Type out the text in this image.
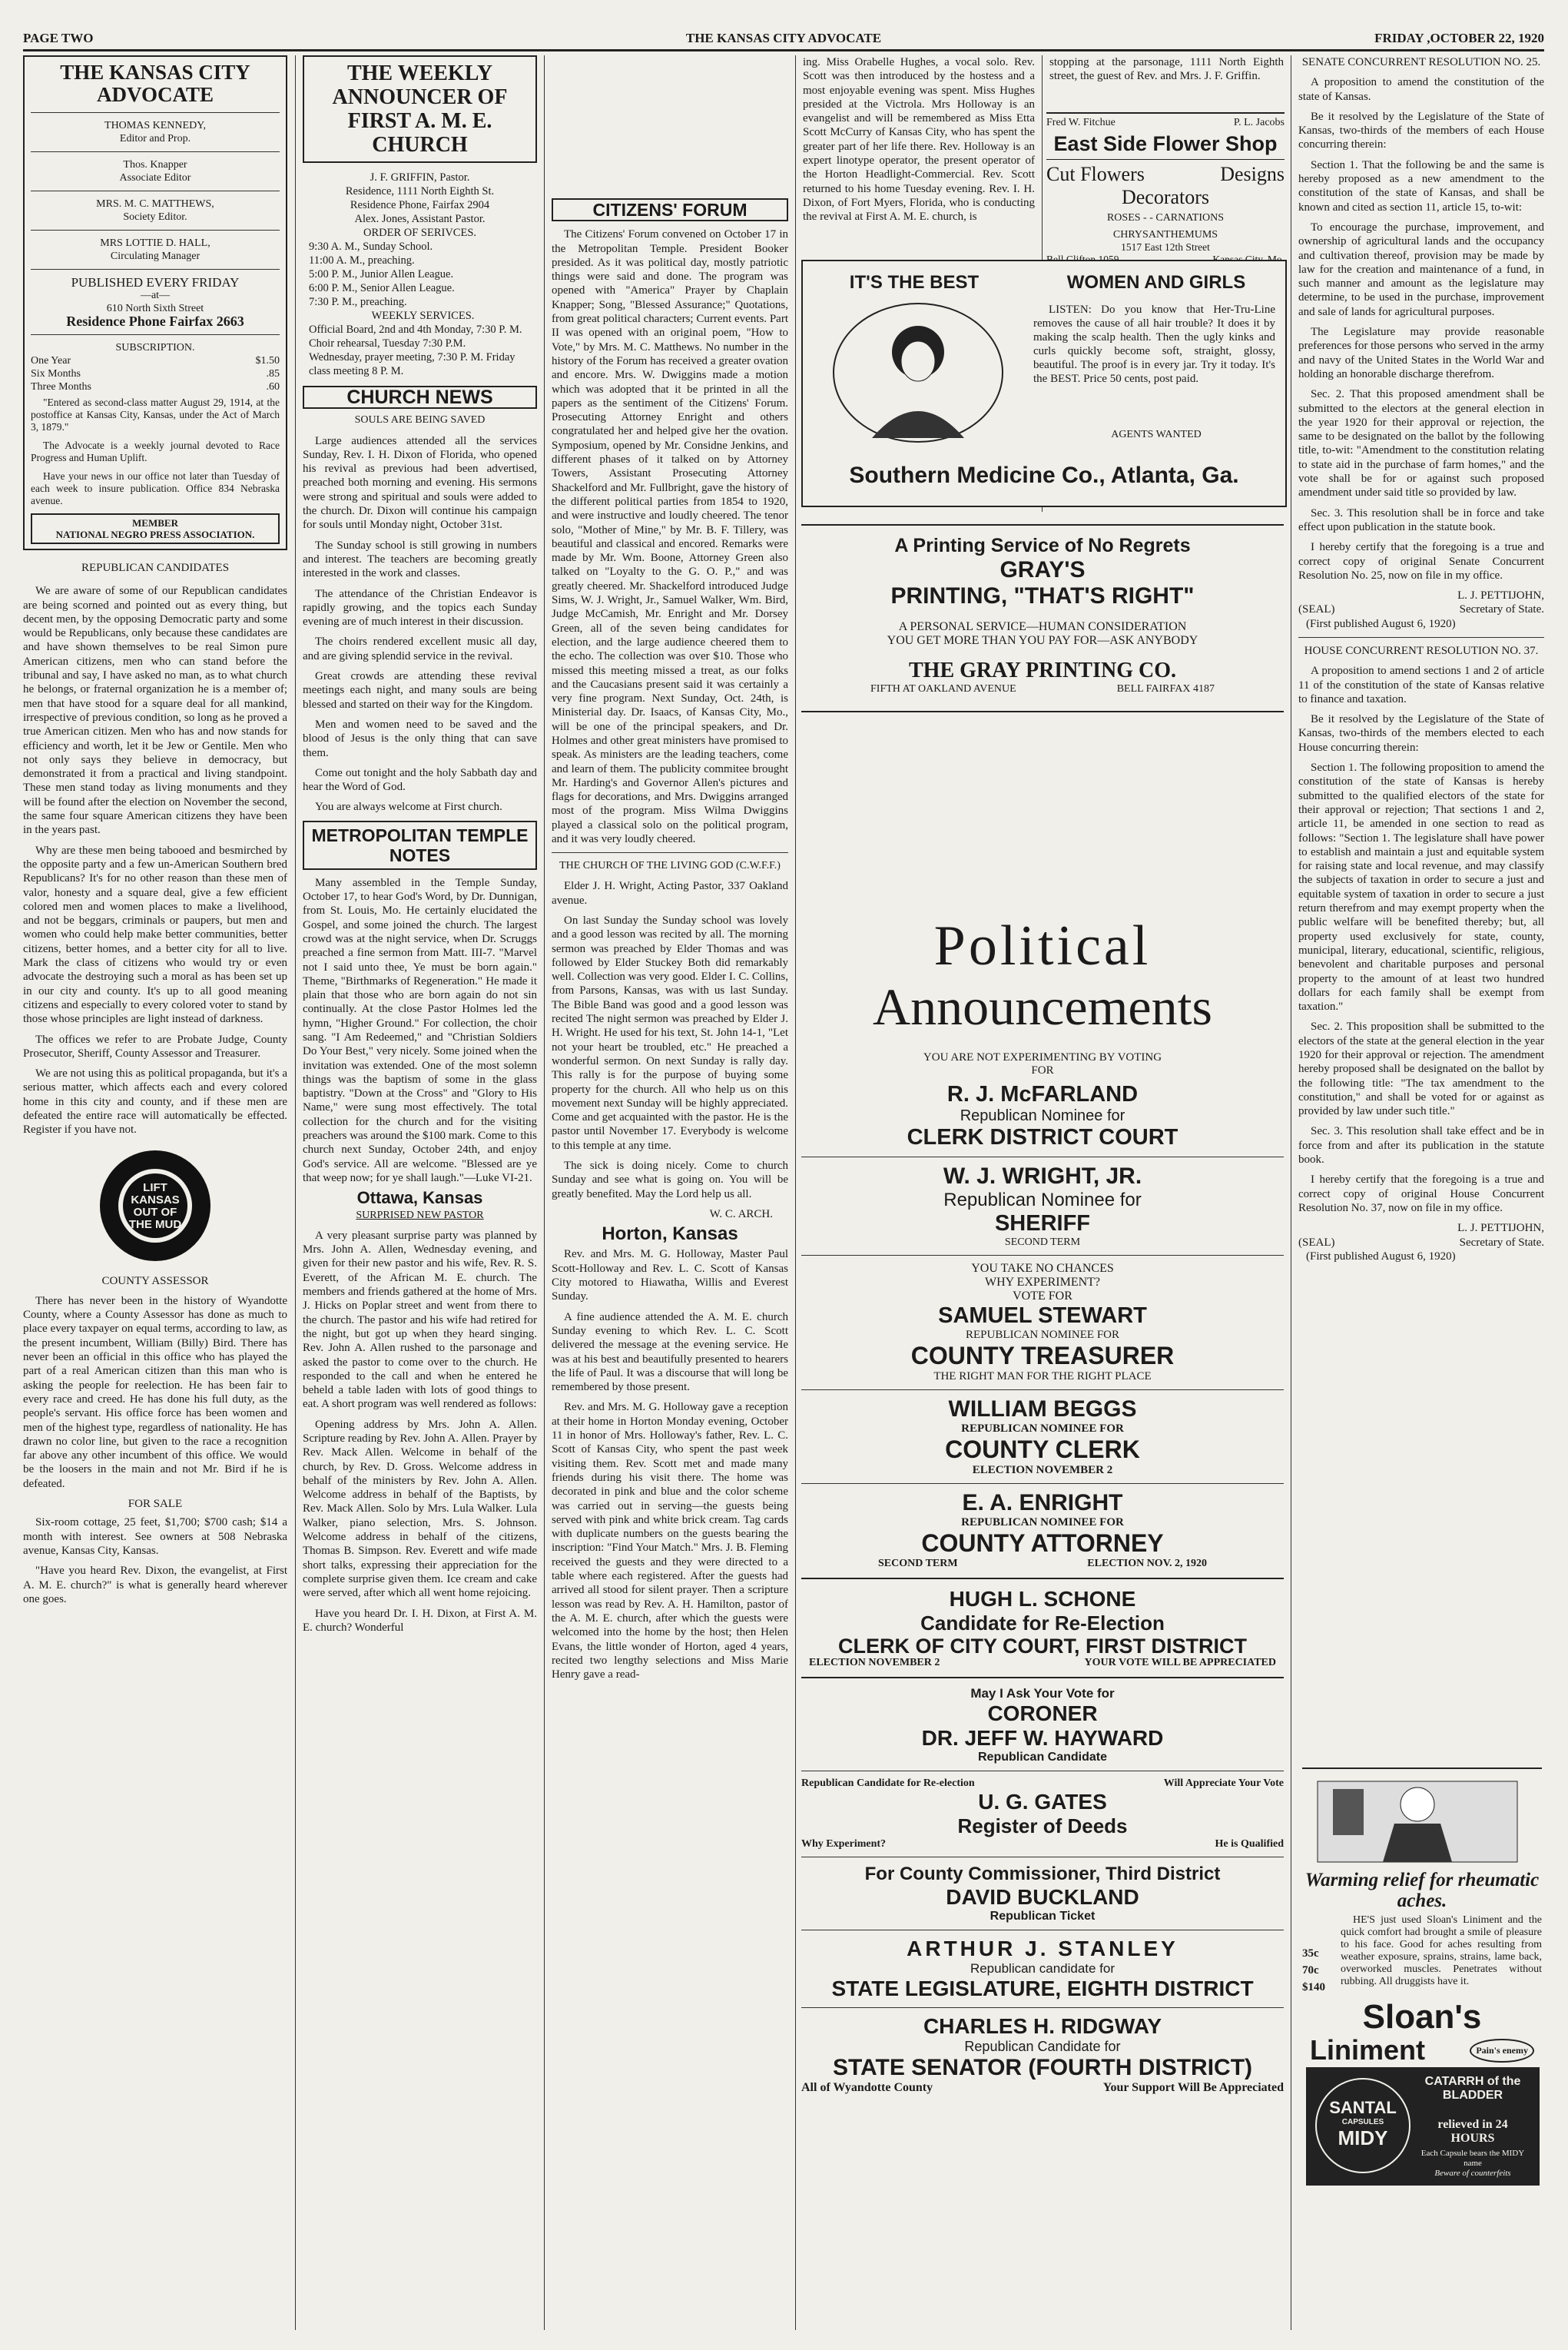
PAGE TWO	THE KANSAS CITY ADVOCATE	FRIDAY ,OCTOBER 22, 1920
THE KANSAS CITY ADVOCATE
THOMAS KENNEDY,
Editor and Prop.
Thos. Knapper
Associate Editor
MRS. M. C. MATTHEWS,
Society Editor.
MRS LOTTIE D. HALL,
Circulating Manager
PUBLISHED EVERY FRIDAY
—at—
610 North Sixth Street
Residence Phone Fairfax 2663
SUBSCRIPTION.
One Year	$1.50
Six Months	.85
Three Months	.60

"Entered as second-class matter August 29, 1914, at the postoffice at Kansas City, Kansas, under the Act of March 3, 1879."

The Advocate is a weekly journal devoted to Race Progress and Human Uplift.

Have your news in our office not later than Tuesday of each week to insure publication. Office 834 Nebraska avenue.

MEMBER
NATIONAL NEGRO PRESS ASSOCIATION.
REPUBLICAN CANDIDATES

We are aware of some of our Republican candidates are being scorned and pointed out as every thing, but decent men, by the opposing Democratic party and some would be Republicans, only because these candidates are and have shown themselves to be real Simon pure American citizens, men who can stand before the tribunal and say, I have asked no man, as to what church he belongs, or fraternal organization he is a member of; men that have stood for a square deal for all mankind, irrespective of previous condition, so long as he proved a true American citizen. Men who has and now stands for efficiency and worth, let it be Jew or Gentile. Men who not only says they believe in democracy, but demonstrated it from a practical and living standpoint. These men stand today as living monuments and they will be found after the election on November the second, the same four square American citizens they have been in the years past.

Why are these men being tabooed and besmirched by the opposite party and a few un-American Southern bred Republicans? It's for no other reason than these men of valor, honesty and a square deal, give a few efficient colored men and women places to make a livelihood, and not be beggars, criminals or paupers, but men and women who could help make better communities, better citizens, better homes, and a better city for all to live. Mark the class of citizens who would try or even advocate the destroying such a moral as has been set up in our city and county. It's up to all good meaning citizens and especially to every colored voter to stand by those whose principles are light instead of darkness.

The offices we refer to are Probate Judge, County Prosecutor, Sheriff, County Assessor and Treasurer.

We are not using this as political propaganda, but it's a serious matter, which affects each and every colored home in this city and county, and if these men are defeated the entire race will automatically be effected. Register if you have not.

LIFT KANSAS OUT OF THE MUD
COUNTY ASSESSOR

There has never been in the history of Wyandotte County, where a County Assessor has done as much to place every taxpayer on equal terms, according to law, as the present incumbent, William (Billy) Bird. There has never been an official in this office who has played the part of a real American citizen than this man who is asking the people for reelection. He has been fair to every race and creed. He has done his full duty, as the people's servant. His office force has been women and men of the highest type, regardless of nationality. He has drawn no color line, but given to the race a recognition far above any other incumbent of this office. We would be the loosers in the main and not Mr. Bird if he is defeated.

FOR SALE

Six-room cottage, 25 feet, $1,700; $700 cash; $14 a month with interest. See owners at 508 Nebraska avenue, Kansas City, Kansas.

"Have you heard Rev. Dixon, the evangelist, at First A. M. E. church?" is what is generally heard wherever one goes.

THE WEEKLY ANNOUNCER OF FIRST A. M. E. CHURCH
J. F. GRIFFIN, Pastor.
Residence, 1111 North Eighth St.
Residence Phone, Fairfax 2904
Alex. Jones, Assistant Pastor.
ORDER OF SERIVCES.
9:30 A. M., Sunday School.
11:00 A. M., preaching.
5:00 P. M., Junior Allen League.
6:00 P. M., Senior Allen League.
7:30 P. M., preaching.
WEEKLY SERVICES.
Official Board, 2nd and 4th Monday, 7:30 P. M.
Choir rehearsal, Tuesday 7:30 P.M.
Wednesday, prayer meeting, 7:30 P. M. Friday class meeting 8 P. M.
CHURCH NEWS
SOULS ARE BEING SAVED

Large audiences attended all the services Sunday, Rev. I. H. Dixon of Florida, who opened his revival as previous had been advertised, preached both morning and evening. His sermons were strong and spiritual and souls were added to the church. Dr. Dixon will continue his campaign for souls until Monday night, October 31st.

The Sunday school is still growing in numbers and interest. The teachers are becoming greatly interested in the work and classes.

The attendance of the Christian Endeavor is rapidly growing, and the topics each Sunday evening are of much interest in their discussion.

The choirs rendered excellent music all day, and are giving splendid service in the revival.

Great crowds are attending these revival meetings each night, and many souls are being blessed and started on their way for the Kingdom.

Men and women need to be saved and the blood of Jesus is the only thing that can save them.

Come out tonight and the holy Sabbath day and hear the Word of God.

You are always welcome at First church.

METROPOLITAN TEMPLE NOTES

Many assembled in the Temple Sunday, October 17, to hear God's Word, by Dr. Dunnigan, from St. Louis, Mo. He certainly elucidated the Gospel, and some joined the church. The largest crowd was at the night service, when Dr. Scruggs preached a fine sermon from Matt. III-7. "Marvel not I said unto thee, Ye must be born again." Theme, "Birthmarks of Regeneration." He made it plain that those who are born again do not sin continually. At the close Pastor Holmes led the hymn, "Higher Ground." For collection, the choir sang. "I Am Redeemed," and "Christian Soldiers Do Your Best," very nicely. Some joined when the invitation was extended. One of the most solemn things was the baptism of some in the glass baptistry. "Down at the Cross" and "Glory to His Name," were sung most effectively. The total collection for the church and for the visiting preachers was around the $100 mark. Come to this church next Sunday, October 24th, and enjoy God's service. All are welcome. "Blessed are ye that weep now; for ye shall laugh."—Luke VI-21.

Ottawa, Kansas
SURPRISED NEW PASTOR

A very pleasant surprise party was planned by Mrs. John A. Allen, Wednesday evening, and given for their new pastor and his wife, Rev. R. S. Everett, of the African M. E. church. The members and friends gathered at the home of Mrs. J. Hicks on Poplar street and went from there to the church. The pastor and his wife had retired for the night, but got up when they heard singing. Rev. John A. Allen rushed to the parsonage and asked the pastor to come over to the church. He responded to the call and when he entered he beheld a table laden with lots of good things to eat. A short program was well rendered as follows:

Opening address by Mrs. John A. Allen. Scripture reading by Rev. John A. Allen. Prayer by Rev. Mack Allen. Welcome in behalf of the church, by Rev. D. Gross. Welcome address in behalf of the ministers by Rev. John A. Allen. Welcome address in behalf of the Baptists, by Rev. Mack Allen. Solo by Mrs. Lula Walker. Lula Walker, piano selection, Mrs. S. Johnson. Welcome address in behalf of the citizens, Thomas B. Simpson. Rev. Everett and wife made short talks, expressing their appreciation for the complete surprise given them. Ice cream and cake were served, after which all went home rejoicing.

Have you heard Dr. I. H. Dixon, at First A. M. E. church? Wonderful

CITIZENS' FORUM

The Citizens' Forum convened on October 17 in the Metropolitan Temple. President Booker presided. As it was political day, mostly patriotic things were said and done. The program was opened with "America" Prayer by Chaplain Knapper; Song, "Blessed Assurance;" Quotations, from great political characters; Current events. Part II was opened with an original poem, "How to Vote," by Mrs. M. C. Matthews. No number in the history of the Forum has received a greater ovation and encore. Mrs. W. Dwiggins made a motion which was adopted that it be printed in all the papers as the sentiment of the Citizens' Forum. Prosecuting Attorney Enright and others congratulated her and helped give her the ovation. Symposium, opened by Mr. Considne Jenkins, and different phases of it talked on by Attorney Towers, Assistant Prosecuting Attorney Shackelford and Mr. Fullbright, gave the history of the different political parties from 1854 to 1920, and were instructive and loudly cheered. The tenor solo, "Mother of Mine," by Mr. B. F. Tillery, was beautiful and classical and encored. Remarks were made by Mr. Wm. Boone, Attorney Green also talked on "Loyalty to the G. O. P.," and was greatly cheered. Mr. Shackelford introduced Judge Sims, W. J. Wright, Jr., Samuel Walker, Wm. Bird, Judge McCamish, Mr. Enright and Mr. Dorsey Green, all of the seven being candidates for election, and the large audience cheered them to the echo. The collection was over $10. Those who missed this meeting missed a treat, as our folks and the Caucasians present said it was certainly a very fine program. Next Sunday, Oct. 24th, is Ministerial day. Dr. Isaacs, of Kansas City, Mo., will be one of the principal speakers, and Dr. Holmes and other great ministers have promised to speak. As ministers are the leading teachers, come and learn of them. The publicity commitee brought Mr. Harding's and Governor Allen's pictures and flags for decorations, and Mrs. Dwiggins arranged most of the program. Miss Wilma Dwiggins played a classical solo on the political program, and it was very loudly cheered.

THE CHURCH OF THE LIVING GOD (C.W.F.F.)

Elder J. H. Wright, Acting Pastor, 337 Oakland avenue.

On last Sunday the Sunday school was lovely and a good lesson was recited by all. The morning sermon was preached by Elder Thomas and was followed by Elder Stuckey Both did remarkably well. Collection was very good. Elder I. C. Collins, from Parsons, Kansas, was with us last Sunday. The Bible Band was good and a good lesson was recited The night sermon was preached by Elder J. H. Wright. He used for his text, St. John 14-1, "Let not your heart be troubled, etc." He preached a wonderful sermon. On next Sunday is rally day. This rally is for the purpose of buying some property for the church. All who help us on this movement next Sunday will be highly appreciated. Come and get acquainted with the pastor. He is the pastor until November 17. Everybody is welcome to this temple at any time.

The sick is doing nicely. Come to church Sunday and see what is going on. You will be greatly benefited. May the Lord help us all.

W. C. ARCH.
Horton, Kansas

Rev. and Mrs. M. G. Holloway, Master Paul Scott-Holloway and Rev. L. C. Scott of Kansas City motored to Hiawatha, Willis and Everest Sunday.

A fine audience attended the A. M. E. church Sunday evening to which Rev. L. C. Scott delivered the message at the evening service. He was at his best and beautifully presented to hearers the life of Paul. It was a discourse that will long be remembered by those present.

Rev. and Mrs. M. G. Holloway gave a reception at their home in Horton Monday evening, October 11 in honor of Mrs. Holloway's father, Rev. L. C. Scott of Kansas City, who spent the past week visiting them. Rev. Scott met and made many friends during his visit there. The home was decorated in pink and blue and the color scheme was carried out in serving—the guests being served with pink and white brick cream. Tag cards with duplicate numbers on the guests bearing the inscription: "Find Your Match." Mrs. J. B. Fleming received the guests and they were directed to a table where each registered. After the guests had arrived all stood for silent prayer. Then a scripture lesson was read by Rev. A. H. Hamilton, pastor of the A. M. E. church, after which the guests were welcomed into the home by the host; then Helen Evans, the little wonder of Horton, aged 4 years, recited two lengthy selections and Miss Marie Henry gave a read-

ing. Miss Orabelle Hughes, a vocal solo. Rev. Scott was then introduced by the hostess and a most enjoyable evening was spent. Miss Hughes presided at the Victrola. Mrs Holloway is an evangelist and will be remembered as Miss Etta Scott McCurry of Kansas City, who has spent the greater part of her life there. Rev. Holloway is an expert linotype operator, the present operator of the Horton Headlight-Commercial. Rev. Scott returned to his home Tuesday evening. Rev. I. H. Dixon, of Fort Myers, Florida, who is conducting the revival at First A. M. E. church, is

stopping at the parsonage, 1111 North Eighth street, the guest of Rev. and Mrs. J. F. Griffin.

Fred W. Fitchue	P. L. Jacobs
East Side Flower Shop
Cut Flowers	Designs
Decorators
ROSES - - CARNATIONS
CHRYSANTHEMUMS
1517 East 12th Street
IT'S THE BEST	WOMEN AND GIRLS

LISTEN: Do you know that Her-Tru-Line removes the cause of all hair trouble? It does it by making the scalp health. Then the ugly kinks and curls quickly become soft, straight, glossy, beautiful. The proof is in every jar. Try it today. It's the BEST. Price 50 cents, post paid.

AGENTS WANTED
Southern Medicine Co., Atlanta, Ga.
A Printing Service of No Regrets
GRAY'S
PRINTING, "THAT'S RIGHT"
A PERSONAL SERVICE—HUMAN CONSIDERATION
YOU GET MORE THAN YOU PAY FOR—ASK ANYBODY
THE GRAY PRINTING CO.
FIFTH AT OAKLAND AVENUE	BELL FAIRFAX 4187
Political
Announcements
YOU ARE NOT EXPERIMENTING BY VOTING
FOR
R. J. McFARLAND
Republican Nominee for
CLERK DISTRICT COURT
W. J. WRIGHT, JR.
Republican Nominee for
SHERIFF
SECOND TERM
YOU TAKE NO CHANCES
WHY EXPERIMENT?
VOTE FOR
SAMUEL STEWART
REPUBLICAN NOMINEE FOR
COUNTY TREASURER
THE RIGHT MAN FOR THE RIGHT PLACE
WILLIAM BEGGS
REPUBLICAN NOMINEE FOR
COUNTY CLERK
ELECTION NOVEMBER 2
E. A. ENRIGHT
REPUBLICAN NOMINEE FOR
COUNTY ATTORNEY
SECOND TERM	ELECTION NOV. 2, 1920
HUGH L. SCHONE
Candidate for Re-Election
CLERK OF CITY COURT, FIRST DISTRICT
ELECTION NOVEMBER 2	YOUR VOTE WILL BE APPRECIATED
May I Ask Your Vote for
CORONER
DR. JEFF W. HAYWARD
Republican Candidate
Republican Candidate for Re-election	Will Appreciate Your Vote
U. G. GATES
Register of Deeds
Why Experiment?	He is Qualified
For County Commissioner, Third District
DAVID BUCKLAND
Republican Ticket
ARTHUR J. STANLEY
Republican candidate for
STATE LEGISLATURE, EIGHTH DISTRICT
CHARLES H. RIDGWAY
Republican Candidate for
STATE SENATOR (FOURTH DISTRICT)
All of Wyandotte County	Your Support Will Be Appreciated
SENATE CONCURRENT RESOLUTION NO. 25.

A proposition to amend the constitution of the state of Kansas.

Be it resolved by the Legislature of the State of Kansas, two-thirds of the members of each House concurring therein:

Section 1. That the following be and the same is hereby proposed as a new amendment to the constitution of the state of Kansas, and shall be known and cited as section 11, article 15, to-wit:

To encourage the purchase, improvement, and ownership of agricultural lands and the occupancy and cultivation thereof, provision may be made by law for the creation and maintenance of a fund, in such manner and amount as the legislature may determine, to be used in the purchase, improvement and sale of lands for agricultural purposes.

The Legislature may provide reasonable preferences for those persons who served in the army and navy of the United States in the World War and holding an honorable discharge therefrom.

Sec. 2. That this proposed amendment shall be submitted to the electors at the general election in the year 1920 for their approval or rejection, the same to be designated on the ballot by the following title, to-wit: "Amendment to the constitution relating to state aid in the purchase of farm homes," and the vote shall be for or against such proposed amendment under said title so provided by law.

Sec. 3. This resolution shall be in force and take effect upon publication in the statute book.

I hereby certify that the foregoing is a true and correct copy of original Senate Concurrent Resolution No. 25, now on file in my office.

L. J. PETTIJOHN,
(SEAL)	Secretary of State.
(First published August 6, 1920)
HOUSE CONCURRENT RESOLUTION NO. 37.

A proposition to amend sections 1 and 2 of article 11 of the constitution of the state of Kansas relative to finance and taxation.

Be it resolved by the Legislature of the State of Kansas, two-thirds of the members elected to each House concurring therein:

Section 1. The following proposition to amend the constitution of the state of Kansas is hereby submitted to the qualified electors of the state for their approval or rejection; That sections 1 and 2, article 11, be amended in one section to read as follows: "Section 1. The legislature shall have power to establish and maintain a just and equitable system for raising state and local revenue, and may classify the subjects of taxation in order to secure a just and equitable system of taxation in order to secure a just return therefrom and may exempt property when the public welfare will be benefited thereby; but, all property used exclusively for state, county, municipal, literary, educational, scientific, religious, benevolent and charitable purposes and personal property to the amount of at least two hundred dollars for each family shall be exempt from taxation."

Sec. 2. This proposition shall be submitted to the electors of the state at the general election in the year 1920 for their approval or rejection. The amendment hereby proposed shall be designated on the ballot by the following title: "The tax amendment to the constitution," and shall be voted for or against as provided by law under such title."

Sec. 3. This resolution shall take effect and be in force from and after its publication in the statute book.

I hereby certify that the foregoing is a true and correct copy of original House Concurrent Resolution No. 37, now on file in my office.

L. J. PETTIJOHN,
(SEAL)	Secretary of State.
(First published August 6, 1920)
Warming relief for rheumatic aches.
35c
70c
$140

HE'S just used Sloan's Liniment and the quick comfort had brought a smile of pleasure to his face. Good for aches resulting from weather exposure, sprains, strains, lame back, overworked muscles. Penetrates without rubbing. All druggists have it.

Sloan's
Liniment	Pain's enemy
SANTAL
CAPSULES
MIDY
CATARRH of the BLADDER
relieved in 24 HOURS
Each Capsule bears the MIDY name
Beware of counterfeits
